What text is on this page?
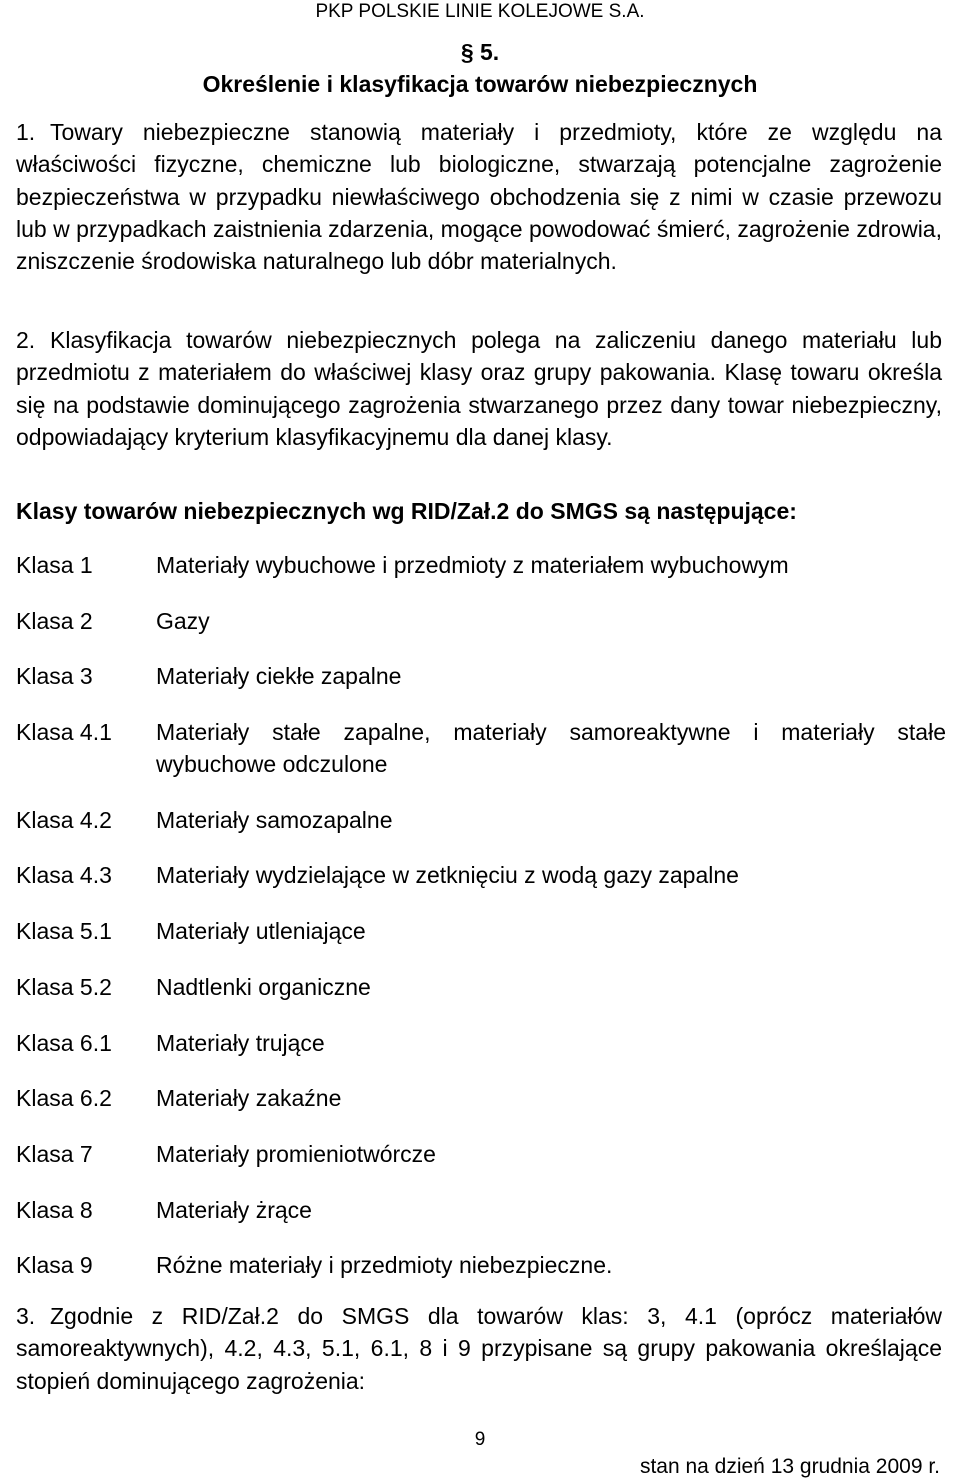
PKP POLSKIE LINIE KOLEJOWE S.A.
§ 5.
Określenie i klasyfikacja towarów niebezpiecznych

1. Towary niebezpieczne stanowią materiały i przedmioty, które ze względu na właściwości fizyczne, chemiczne lub biologiczne, stwarzają potencjalne zagrożenie bezpieczeństwa w przypadku niewłaściwego obchodzenia się z nimi w czasie przewozu lub w przypadkach zaistnienia zdarzenia, mogące powodować śmierć, zagrożenie zdrowia, zniszczenie środowiska naturalnego lub dóbr materialnych.

2. Klasyfikacja towarów niebezpiecznych polega na zaliczeniu danego materiału lub przedmiotu z materiałem do właściwej klasy oraz grupy pakowania. Klasę towaru określa się na podstawie dominującego zagrożenia stwarzanego przez dany towar niebezpieczny, odpowiadający kryterium klasyfikacyjnemu dla danej klasy.

Klasy towarów niebezpiecznych wg RID/Zał.2 do SMGS są następujące:

Klasa 1	Materiały wybuchowe i przedmioty z materiałem wybuchowym
Klasa 2	Gazy
Klasa 3	Materiały ciekłe zapalne
Klasa 4.1	Materiały stałe zapalne, materiały samoreaktywne i materiały stałe wybuchowe odczulone
Klasa 4.2	Materiały samozapalne
Klasa 4.3	Materiały wydzielające w zetknięciu z wodą gazy zapalne
Klasa 5.1	Materiały utleniające
Klasa 5.2	Nadtlenki organiczne
Klasa 6.1	Materiały trujące
Klasa 6.2	Materiały zakaźne
Klasa 7	Materiały promieniotwórcze
Klasa 8	Materiały żrące
Klasa 9	Różne materiały i przedmioty niebezpieczne.

3. Zgodnie z RID/Zał.2 do SMGS dla towarów klas: 3, 4.1 (oprócz materiałów samoreaktywnych), 4.2, 4.3, 5.1, 6.1, 8 i 9 przypisane są grupy pakowania określające stopień dominującego zagrożenia:

9
stan na dzień 13 grudnia 2009 r.
